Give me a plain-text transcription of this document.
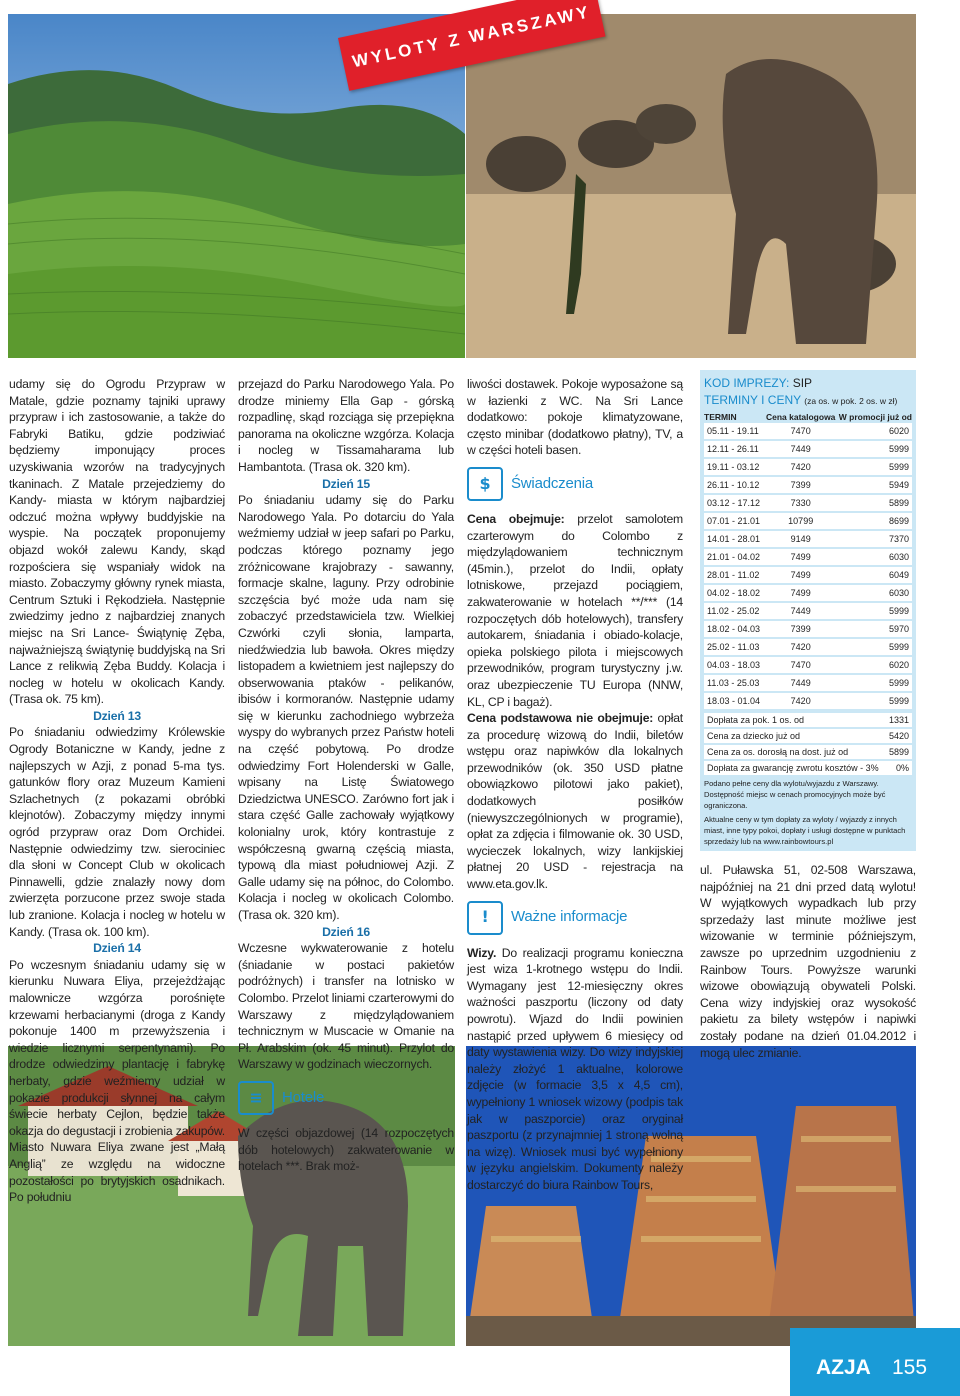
WYLOTY Z WARSZAWY

udamy się do Ogrodu Przypraw w Matale, gdzie poznamy tajniki uprawy przypraw i ich zastosowanie, a także do Fabryki Batiku, gdzie podziwiać będziemy imponujący proces uzyskiwania wzorów na tradycyjnych tkaninach. Z Matale przejedziemy do Kandy- miasta w którym najbardziej odczuć można wpływy buddyjskie na wyspie. Na początek proponujemy objazd wokół zalewu Kandy, skąd rozpościera się wspaniały widok na miasto. Zobaczymy główny rynek miasta, Centrum Sztuki i Rękodzieła. Następnie zwiedzimy jedno z najbardziej znanych miejsc na Sri Lance- Świątynię Zęba, najważniejszą świątynię buddyjską na Sri Lance z relikwią Zęba Buddy. Kolacja i nocleg w hotelu w okolicach Kandy. (Trasa ok. 75 km).

Dzień 13

Po śniadaniu odwiedzimy Królewskie Ogrody Botaniczne w Kandy, jedne z najlepszych w Azji, z ponad 5-ma tys. gatunków flory oraz Muzeum Kamieni Szlachetnych (z pokazami obróbki klejnotów). Zobaczymy między innymi ogród przypraw oraz Dom Orchidei. Następnie odwiedzimy tzw. sierociniec dla słoni w Concept Club w okolicach Pinnawelli, gdzie znalazły nowy dom zwierzęta porzucone przez swoje stada lub zranione. Kolacja i nocleg w hotelu w Kandy. (Trasa ok. 100 km).

Dzień 14

Po wczesnym śniadaniu udamy się w kierunku Nuwara Eliya, przejeżdżając malownicze wzgórza porośnięte krzewami herbacianymi (droga z Kandy pokonuje 1400 m przewyższenia i wiedzie licznymi serpentynami). Po drodze odwiedzimy plantację i fabrykę herbaty, gdzie weźmiemy udział w pokazie produkcji słynnej na całym świecie herbaty Cejlon, będzie także okazja do degustacji i zrobienia zakupów. Miasto Nuwara Eliya zwane jest „Małą Anglią” ze względu na widoczne pozostałości po brytyjskich osadnikach. Po południu

przejazd do Parku Narodowego Yala. Po drodze miniemy Ella Gap - górską rozpadlinę, skąd rozciąga się przepiękna panorama na okoliczne wzgórza. Kolacja i nocleg w Tissamaharama lub Hambantota. (Trasa ok. 320 km).

Dzień 15

Po śniadaniu udamy się do Parku Narodowego Yala. Po dotarciu do Yala weźmiemy udział w jeep safari po Parku, podczas którego poznamy jego zróżnicowane krajobrazy - sawanny, formacje skalne, laguny. Przy odrobinie szczęścia być może uda nam się zobaczyć przedstawiciela tzw. Wielkiej Czwórki czyli słonia, lamparta, niedźwiedzia lub bawoła. Okres między listopadem a kwietniem jest najlepszy do obserwowania ptaków - pelikanów, ibisów i kormoranów. Następnie udamy się w kierunku zachodniego wybrzeża wyspy do wybranych przez Państw hoteli na część pobytową. Po drodze odwiedzimy Fort Holenderski w Galle, wpisany na Listę Światowego Dziedzictwa UNESCO. Zarówno fort jak i stara część Galle zachowały wyjątkowy kolonialny urok, który kontrastuje z współczesną gwarną częścią miasta, typową dla miast południowej Azji. Z Galle udamy się na północ, do Colombo. Kolacja i nocleg w okolicach Colombo. (Trasa ok. 320 km).

Dzień 16

Wczesne wykwaterowanie z hotelu (śniadanie w postaci pakietów podróżnych) i transfer na lotnisko w Colombo. Przelot liniami czarterowymi do Warszawy z międzylądowaniem technicznym w Muscacie w Omanie na Pł. Arabskim (ok. 45 minut). Przylot do Warszawy w godzinach wieczornych.

≡	Hotele

W części objazdowej (14 rozpoczętych dób hotelowych) zakwaterowanie w hotelach ***. Brak moż-

liwości dostawek. Pokoje wyposażone są w łazienki z WC. Na Sri Lance dodatkowo: pokoje klimatyzowane, często minibar (dodatkowo płatny), TV, a w części hoteli basen.

$	Świadczenia

Cena obejmuje: przelot samolotem czarterowym do Colombo z międzylądowaniem technicznym (45min.), przelot do Indii, opłaty lotniskowe, przejazd pociągiem, zakwaterowanie w hotelach **/*** (14 rozpoczętych dób hotelowych), transfery autokarem, śniadania i obiado-kolacje, opieka polskiego pilota i miejscowych przewodników, program turystyczny j.w. oraz ubezpieczenie TU Europa (NNW, KL, CP i bagaż).

Cena podstawowa nie obejmuje: opłat za procedurę wizową do Indii, biletów wstępu oraz napiwków dla lokalnych przewodników (ok. 350 USD płatne obowiązkowo pilotowi jako pakiet), dodatkowych posiłków (niewyszczególnionych w programie), opłat za zdjęcia i filmowanie ok. 30 USD, wycieczek lokalnych, wizy lankijskiej płatnej 20 USD - rejestracja na www.eta.gov.lk.

!	Ważne informacje

Wizy. Do realizacji programu konieczna jest wiza 1-krotnego wstępu do Indii. Wymagany jest 12-miesięczny okres ważności paszportu (liczony od daty powrotu). Wjazd do Indii powinien nastąpić przed upływem 6 miesięcy od daty wystawienia wizy. Do wizy indyjskiej należy złożyć 1 aktualne, kolorowe zdjęcie (w formacie 3,5 x 4,5 cm), wypełniony 1 wniosek wizowy (podpis tak jak w paszporcie) oraz oryginał paszportu (z przynajmniej 1 stroną wolną na wizę). Wniosek musi być wypełniony w języku angielskim. Dokumenty należy dostarczyć do biura Rainbow Tours,

KOD IMPREZY: SIP
TERMINY I CENY (za os. w pok. 2 os. w zł)
TERMIN	Cena katalogowa	W promocji już od
05.11 - 19.11	7470	6020
12.11 - 26.11	7449	5999
19.11 - 03.12	7420	5999
26.11 - 10.12	7399	5949
03.12 - 17.12	7330	5899
07.01 - 21.01	10799	8699
14.01 - 28.01	9149	7370
21.01 - 04.02	7499	6030
28.01 - 11.02	7499	6049
04.02 - 18.02	7499	6030
11.02 - 25.02	7449	5999
18.02 - 04.03	7399	5970
25.02 - 11.03	7420	5999
04.03 - 18.03	7470	6020
11.03 - 25.03	7449	5999
18.03 - 01.04	7420	5999
Dopłata za pok. 1 os. od	1331
Cena za dziecko już od	5420
Cena za os. dorosłą na dost. już od	5899
Dopłata za gwarancję zwrotu kosztów - 3% 0%
Podano pełne ceny dla wylotu/wyjazdu z Warszawy. Dostępność miejsc w cenach promocyjnych może być ograniczona.
Aktualne ceny w tym dopłaty za wyloty / wyjazdy z innych miast, inne typy pokoi, dopłaty i usługi dostępne w punktach sprzedaży lub na www.rainbowtours.pl
ul. Puławska 51, 02-508 Warszawa, najpóźniej na 21 dni przed datą wylotu! W wyjątkowych wypadkach lub przy sprzedaży last minute możliwe jest wizowanie w terminie późniejszym, zawsze po uprzednim uzgodnieniu z Rainbow Tours. Powyższe warunki wizowe obowiązują obywateli Polski. Cena wizy indyjskiej oraz wysokość pakietu za bilety wstępów i napiwki zostały podane na dzień 01.04.2012 i mogą ulec zmianie.
AZJA 155
